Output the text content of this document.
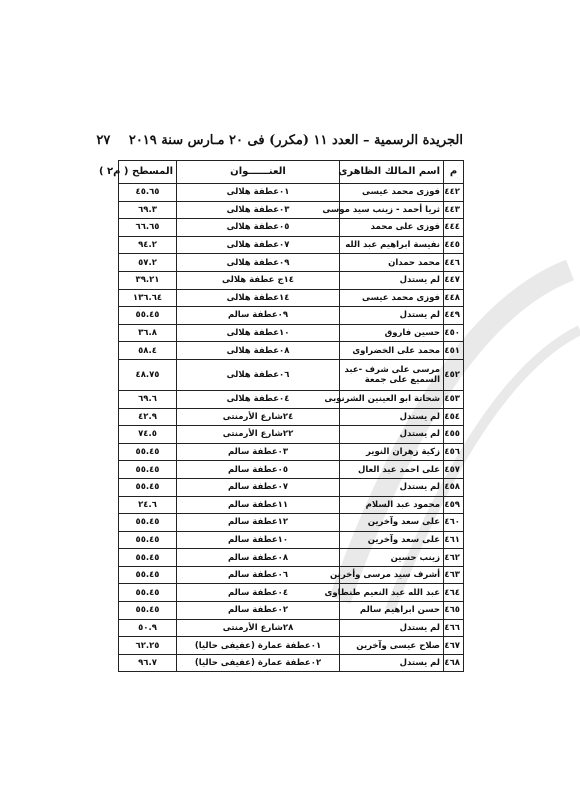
الجريدة الرسمية – العدد ١١ (مكرر) فى ٢٠ مـارس سنة ٢٠١٩ ٢٧
م	اسم المالك الظاهرى	العنــــــوان	المسطح ( م٢ )
٤٤٢	فوزى محمد عيسى	٠١عطفة هلالى	٤٥.٦٥
٤٤٣	ثريا أحمد - زينب سيد موسى	٠٣عطفة هلالى	٦٩.٣
٤٤٤	فوزى على محمد	٠٥عطفة هلالى	٦٦.٦٥
٤٤٥	نفيسة ابراهيم عبد الله	٠٧عطفة هلالى	٩٤.٢
٤٤٦	محمد حمدان	٠٩عطفة هلالى	٥٧.٢
٤٤٧	لم يستدل	١٤ج عطفة هلالى	٣٩.٢١
٤٤٨	فوزى محمد عيسى	١٤عطفة هلالى	١٣٦.٦٤
٤٤٩	لم يستدل	٠٩عطفة سالم	٥٥.٤٥
٤٥٠	حسين فاروق	١٠عطفة هلالى	٣٦.٨
٤٥١	محمد على الخضراوى	٠٨عطفة هلالى	٥٨.٤
٤٥٢	مرسى على شرف -عبد السميع على جمعة	٠٦عطفة هلالى	٤٨.٧٥
٤٥٣	شحاتة ابو العينين الشرنوبى	٠٤عطفة هلالى	٦٩.٦
٤٥٤	لم يستدل	٢٤شارع الأرمنتى	٤٢.٩
٤٥٥	لم يستدل	٢٢شارع الأرمنتى	٧٤.٥
٤٥٦	زكية زهران النوير	٠٣عطفة سالم	٥٥.٤٥
٤٥٧	على احمد عبد العال	٠٥عطفة سالم	٥٥.٤٥
٤٥٨	لم يستدل	٠٧عطفة سالم	٥٥.٤٥
٤٥٩	محمود عبد السلام	١١عطفة سالم	٢٤.٦
٤٦٠	على سعد وآخرين	١٢عطفة سالم	٥٥.٤٥
٤٦١	على سعد وآخرين	١٠عطفة سالم	٥٥.٤٥
٤٦٢	زينب حسين	٠٨عطفة سالم	٥٥.٤٥
٤٦٣	أشرف سيد مرسى وأخرين	٠٦عطفة سالم	٥٥.٤٥
٤٦٤	عبد الله عبد النعيم طنطاوى	٠٤عطفة سالم	٥٥.٤٥
٤٦٥	حسن ابراهيم سالم	٠٢عطفة سالم	٥٥.٤٥
٤٦٦	لم يستدل	٢٨شارع الأرمنتى	٥٠.٩
٤٦٧	صلاح عيسى وآخرين	٠١عطفة عمارة (عفيفى حاليا)	٦٢.٢٥
٤٦٨	لم يستدل	٠٢عطفة عمارة (عفيفى حاليا)	٩٦.٧
